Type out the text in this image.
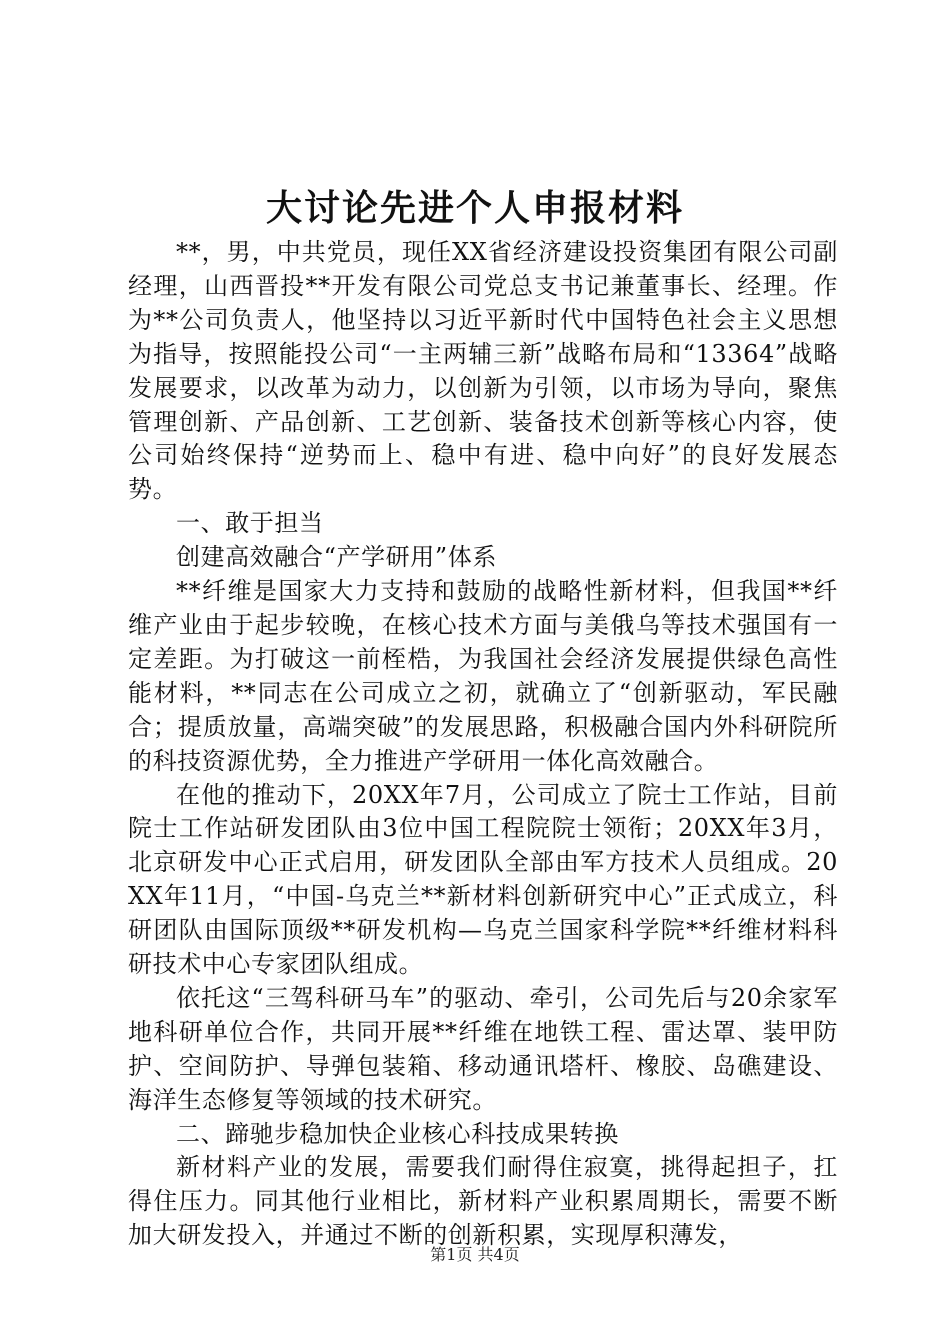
大讨论先进个人申报材料

**，男，中共党员，现任XX省经济建设投资集团有限公司副经理，山西晋投**开发有限公司党总支书记兼董事长、经理。作为**公司负责人，他坚持以习近平新时代中国特色社会主义思想为指导，按照能投公司“一主两辅三新”战略布局和“13364”战略发展要求，以改革为动力，以创新为引领，以市场为导向，聚焦管理创新、产品创新、工艺创新、装备技术创新等核心内容，使公司始终保持“逆势而上、稳中有进、稳中向好”的良好发展态势。

一、敢于担当

创建高效融合“产学研用”体系

**纤维是国家大力支持和鼓励的战略性新材料，但我国**纤维产业由于起步较晚，在核心技术方面与美俄乌等技术强国有一定差距。为打破这一前桎梏，为我国社会经济发展提供绿色高性能材料，**同志在公司成立之初，就确立了“创新驱动，军民融合；提质放量，高端突破”的发展思路，积极融合国内外科研院所的科技资源优势，全力推进产学研用一体化高效融合。

在他的推动下，20XX年7月，公司成立了院士工作站，目前院士工作站研发团队由3位中国工程院院士领衔；20XX年3月，北京研发中心正式启用，研发团队全部由军方技术人员组成。20XX年11月，“中国-乌克兰**新材料创新研究中心”正式成立，科研团队由国际顶级**研发机构—乌克兰国家科学院**纤维材料科研技术中心专家团队组成。

依托这“三驾科研马车”的驱动、牵引，公司先后与20余家军地科研单位合作，共同开展**纤维在地铁工程、雷达罩、装甲防护、空间防护、导弹包装箱、移动通讯塔杆、橡胶、岛礁建设、海洋生态修复等领域的技术研究。

二、蹄驰步稳加快企业核心科技成果转换

新材料产业的发展，需要我们耐得住寂寞，挑得起担子，扛得住压力。同其他行业相比，新材料产业积累周期长，需要不断加大研发投入，并通过不断的创新积累，实现厚积薄发，

第1页 共4页
